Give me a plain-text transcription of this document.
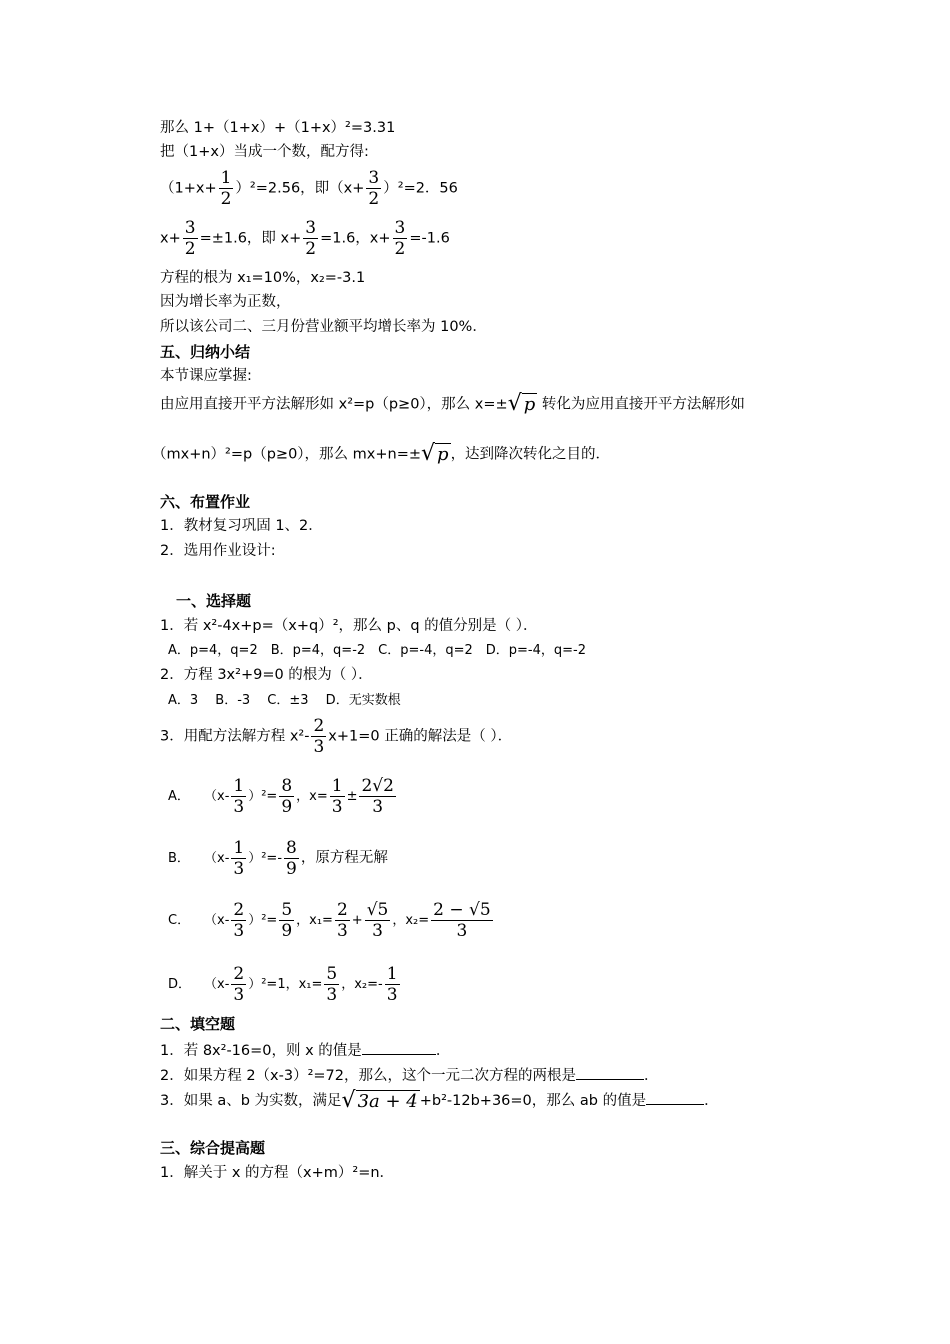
那么 1+（1+x）+（1+x）²=3.31
把（1+x）当成一个数，配方得:
$(1+x+ \frac{1}{2} )^2=2.56$，即$(x+ \frac{3}{2} )^2=2$．56
$x+ \frac{3}{2} =\pm 1.6$，即 $x+ \frac{3}{2} =1.6$，$x+ \frac{3}{2} =-1.6$
方程的根为 x₁=10%，x₂=-3.1
因为增长率为正数，
所以该公司二、三月份营业额平均增长率为 10%．
五、归纳小结
本节课应掌握:
由应用直接开平方法解形如 x²=p（p≥0），那么 x=±√ p 转化为应用直接开平方法解形如
（mx+n）²=p（p≥0），那么 mx+n=±√ p ，达到降次转化之目的．
六、布置作业
1．教材复习巩固 1、2．
2．选用作业设计:
一、选择题
1．若 x²-4x+p=（x+q）²，那么 p、q 的值分别是（ ）．
A．p=4，q=2　B．p=4，q=-2　C．p=-4，q=2　D．p=-4，q=-2
2．方程 3x²+9=0 的根为（ ）．
A．3　 B．-3　 C．±3　 D．无实数根
3．用配方法解方程 $x^2- \frac{2}{3} x+1=0$ 正确的解法是（ ）．
A． $(x- \frac{1}{3} )^2= \frac{8}{9}$ ，$x= \frac{1}{3} \pm \frac{2√2}{3}$
B． $(x- \frac{1}{3} )^2=- \frac{8}{9}$ ，原方程无解
C． $(x- \frac{2}{3} )^2= \frac{5}{9}$ ，$x_1= \frac{2}{3} + \frac{√5}{3}$ ，$x_2= \frac{2 - √5}{3}$
D． $(x- \frac{2}{3} )^2=1$，$x_1= \frac{5}{3}$ ，$x_2=- \frac{1}{3}$
二、填空题
1．若 8x²-16=0，则 x 的值是	．
2．如果方程 2（x-3）²=72，那么，这个一元二次方程的两根是	．
3．如果 a、b 为实数，满足√ 3a + 4 +b²-12b+36=0，那么 ab 的值是	．
三、综合提高题
1．解关于 x 的方程（x+m）²=n．
